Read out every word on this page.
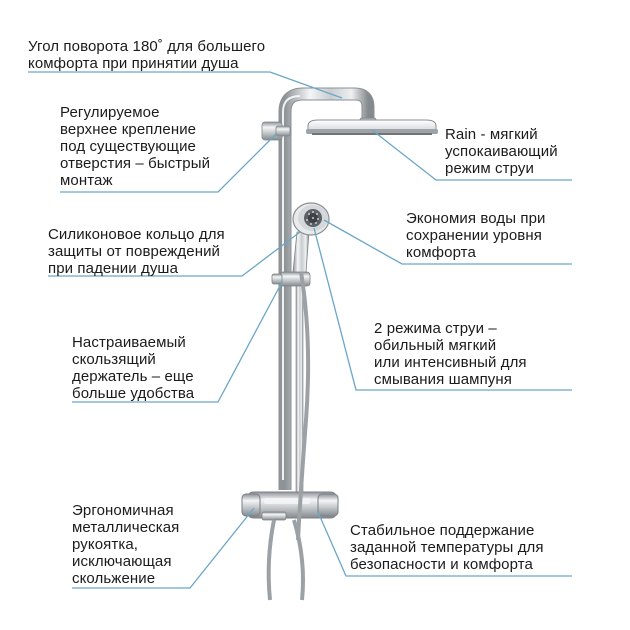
Угол поворота 180˚ для большего
комфорта при принятии душа
Регулируемое
верхнее крепление
под существующие
отверстия – быстрый
монтаж
Rain - мягкий
успокаивающий
режим струи
Силиконовое кольцо для
защиты от повреждений
при падении душа
Экономия воды при
сохранении уровня
комфорта
Настраиваемый
скользящий
держатель – еще
больше удобства
2 режима струи –
обильный мягкий
или интенсивный для
смывания шампуня
Эргономичная
металлическая
рукоятка,
исключающая
скольжение
Стабильное поддержание
заданной температуры для
безопасности и комфорта
